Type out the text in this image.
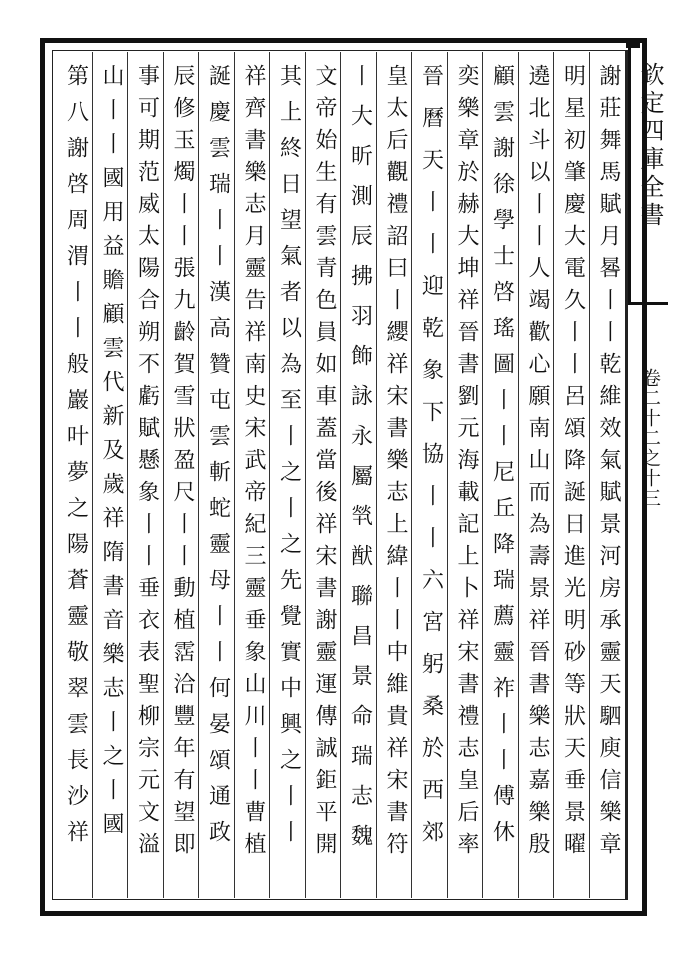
欽定四庫全書
卷二十二之十三
謝莊舞馬賦月晷丨丨乾維效氣賦景河房承靈天駟庾信樂章
明星初肇慶大電久丨丨呂頌降誕日進光明砂等狀天垂景曜
遶北斗以丨丨人竭歡心願南山而為壽景祥晉書樂志嘉樂殷
顧雲謝徐學士啓瑤圖丨丨尼丘降瑞薦靈祚丨丨傅休
奕樂章於赫大坤祥晉書劉元海載記上卜祥宋書禮志皇后率
晉曆天丨丨迎乾象下協丨丨六宮躬桑於西郊
皇太后觀禮詔曰丨纓祥宋書樂志上緯丨丨中維貴祥宋書符
丨大昕測辰拂羽飾詠永屬㷀猷聯昌景命瑞志魏
文帝始生有雲青色員如車蓋當後祥宋書謝靈運傳誠鉅平開
其上終日望氣者以為至丨之丨之先覺實中興之丨丨
祥齊書樂志月靈告祥南史宋武帝紀三靈垂象山川丨丨曹植
誕慶雲瑞丨丨漢高贊屯雲斬蛇靈母丨丨何晏頌通政
辰修玉燭丨丨張九齡賀雪狀盈尺丨丨動植霑洽豐年有望即
事可期范威太陽合朔不虧賦懸象丨丨垂衣表聖柳宗元文溢
山丨丨國用益贍顧雲代新及歲祥隋書音樂志丨之丨國
第八謝啓周渭丨丨般巖叶夢之陽蒼靈敬翠雲長沙祥
